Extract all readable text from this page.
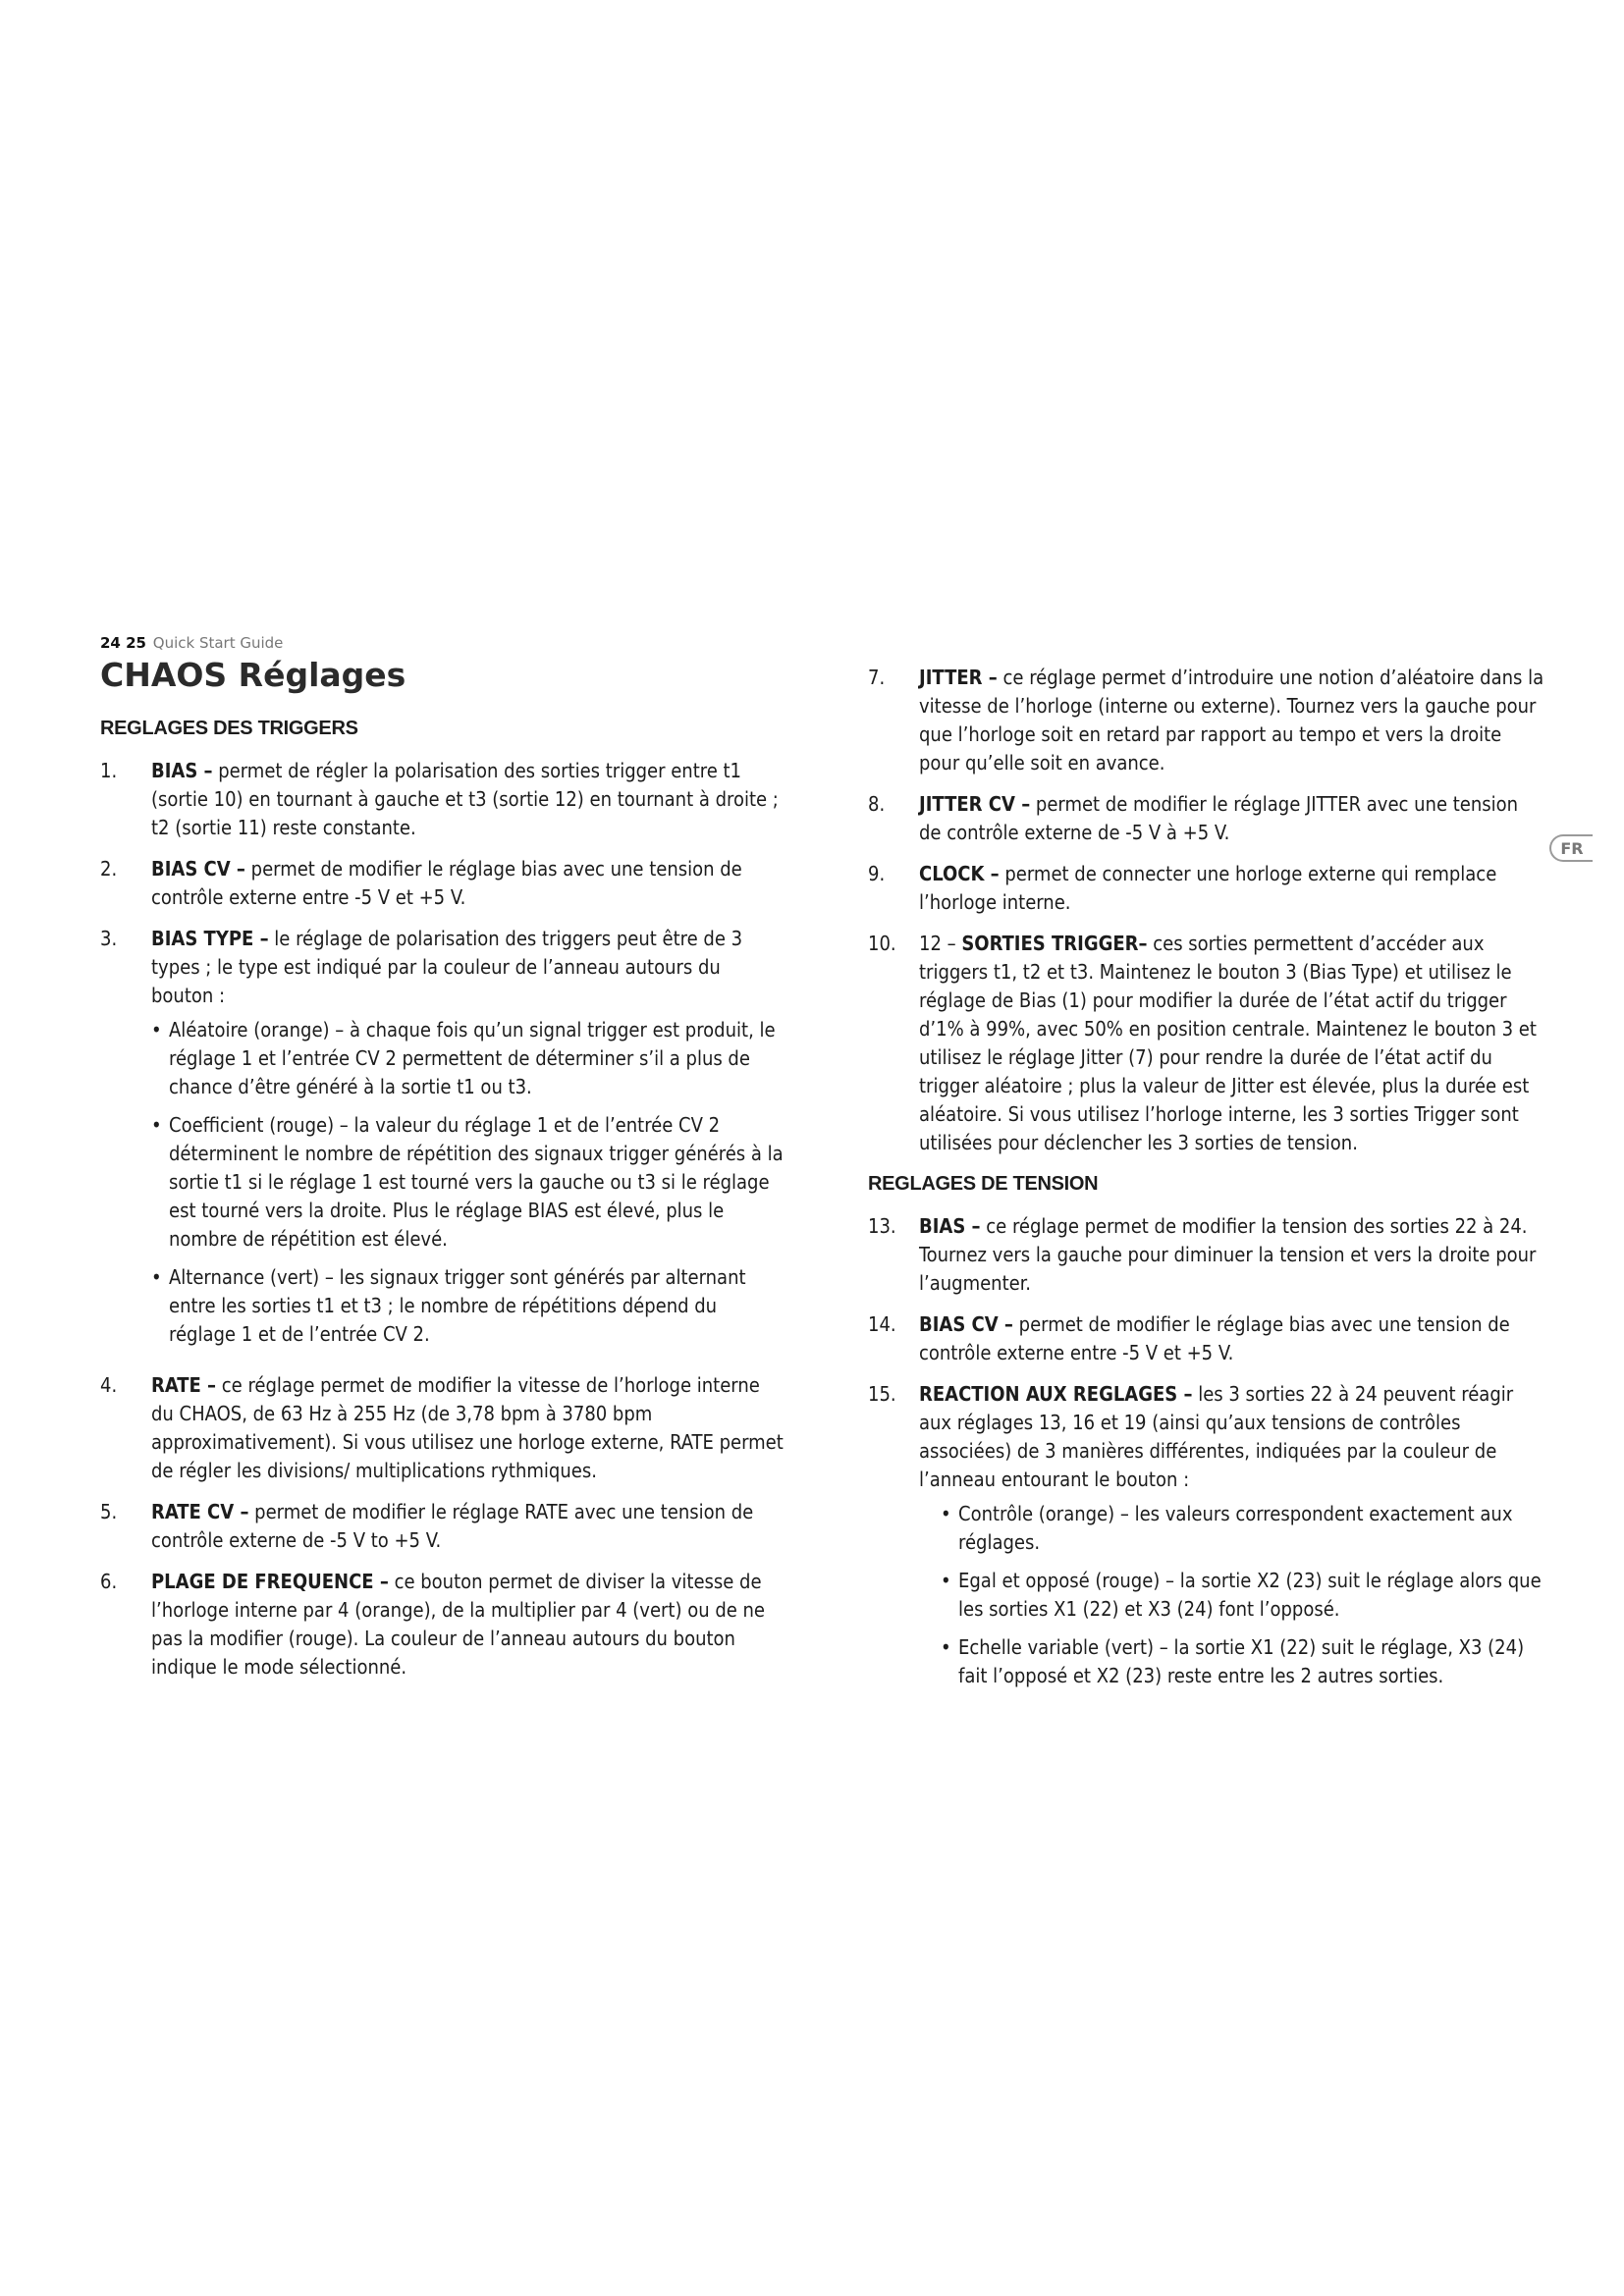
24 25 Quick Start Guide
CHAOS Réglages
FR
REGLAGES DES TRIGGERS
1.	BIAS – permet de régler la polarisation des sorties trigger entre t1 (sortie 10) en tournant à gauche et t3 (sortie 12) en tournant à droite ; t2 (sortie 11) reste constante.
2.	BIAS CV – permet de modifier le réglage bias avec une tension de contrôle externe entre -5 V et +5 V.
3.	BIAS TYPE – le réglage de polarisation des triggers peut être de 3 types ; le type est indiqué par la couleur de l’anneau autours du bouton :
• Aléatoire (orange) – à chaque fois qu’un signal trigger est produit, le réglage 1 et l’entrée CV 2 permettent de déterminer s’il a plus de chance d’être généré à la sortie t1 ou t3.
• Coefficient (rouge) – la valeur du réglage 1 et de l’entrée CV 2 déterminent le nombre de répétition des signaux trigger générés à la sortie t1 si le réglage 1 est tourné vers la gauche ou t3 si le réglage est tourné vers la droite. Plus le réglage BIAS est élevé, plus le nombre de répétition est élevé.
• Alternance (vert) – les signaux trigger sont générés par alternant entre les sorties t1 et t3 ; le nombre de répétitions dépend du réglage 1 et de l’entrée CV 2.
4.	RATE – ce réglage permet de modifier la vitesse de l’horloge interne du CHAOS, de 63 Hz à 255 Hz (de 3,78 bpm à 3780 bpm approximativement). Si vous utilisez une horloge externe, RATE permet de régler les divisions/ multiplications rythmiques.
5.	RATE CV – permet de modifier le réglage RATE avec une tension de contrôle externe de -5 V to +5 V.
6.	PLAGE DE FREQUENCE – ce bouton permet de diviser la vitesse de l’horloge interne par 4 (orange), de la multiplier par 4 (vert) ou de ne pas la modifier (rouge). La couleur de l’anneau autours du bouton indique le mode sélectionné.
7.	JITTER – ce réglage permet d’introduire une notion d’aléatoire dans la vitesse de l’horloge (interne ou externe). Tournez vers la gauche pour que l’horloge soit en retard par rapport au tempo et vers la droite pour qu’elle soit en avance.
8.	JITTER CV – permet de modifier le réglage JITTER avec une tension de contrôle externe de -5 V à +5 V.
9.	CLOCK – permet de connecter une horloge externe qui remplace l’horloge interne.
10.	12 – SORTIES TRIGGER– ces sorties permettent d’accéder aux triggers t1, t2 et t3. Maintenez le bouton 3 (Bias Type) et utilisez le réglage de Bias (1) pour modifier la durée de l’état actif du trigger d’1% à 99%, avec 50% en position centrale. Maintenez le bouton 3 et utilisez le réglage Jitter (7) pour rendre la durée de l’état actif du trigger aléatoire ; plus la valeur de Jitter est élevée, plus la durée est aléatoire. Si vous utilisez l’horloge interne, les 3 sorties Trigger sont utilisées pour déclencher les 3 sorties de tension.
REGLAGES DE TENSION
13.	BIAS – ce réglage permet de modifier la tension des sorties 22 à 24. Tournez vers la gauche pour diminuer la tension et vers la droite pour l’augmenter.
14.	BIAS CV – permet de modifier le réglage bias avec une tension de contrôle externe entre -5 V et +5 V.
15.	REACTION AUX REGLAGES – les 3 sorties 22 à 24 peuvent réagir aux réglages 13, 16 et 19 (ainsi qu’aux tensions de contrôles associées) de 3 manières différentes, indiquées par la couleur de l’anneau entourant le bouton :
• Contrôle (orange) – les valeurs correspondent exactement aux réglages.
• Egal et opposé (rouge) – la sortie X2 (23) suit le réglage alors que les sorties X1 (22) et X3 (24) font l’opposé.
• Echelle variable (vert) – la sortie X1 (22) suit le réglage, X3 (24) fait l’opposé et X2 (23) reste entre les 2 autres sorties.
